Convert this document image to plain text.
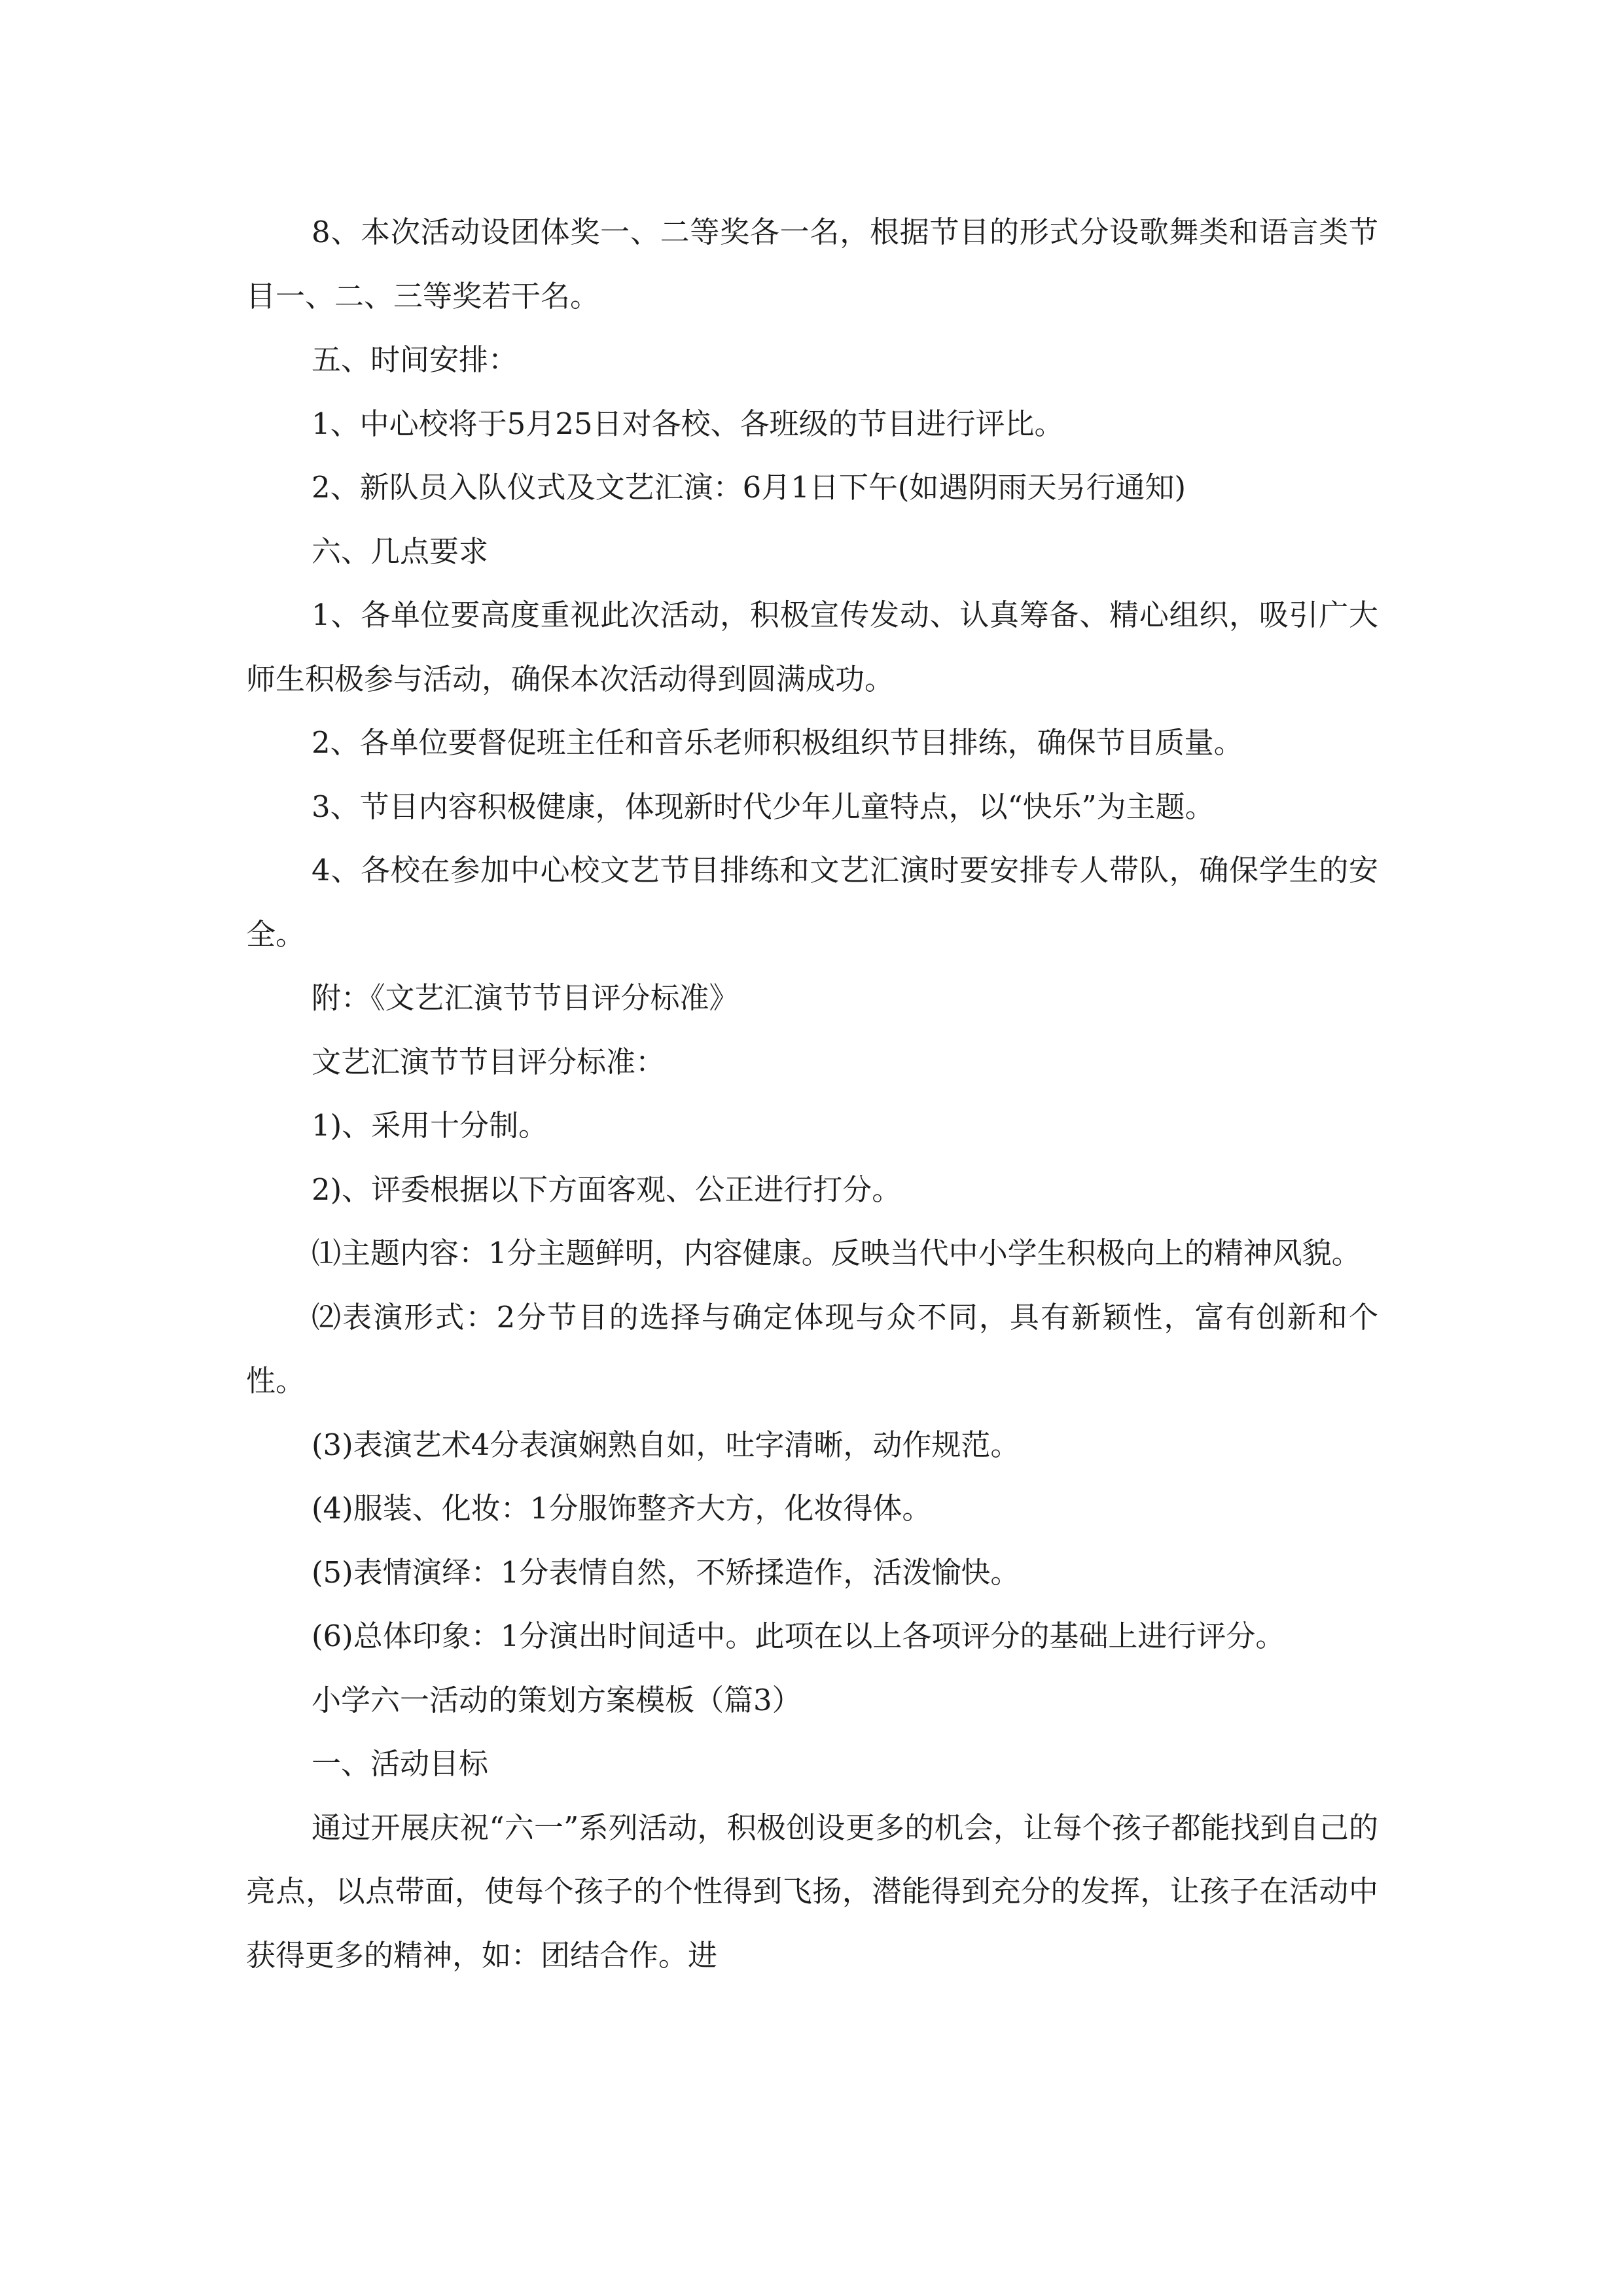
8、本次活动设团体奖一、二等奖各一名，根据节目的形式分设歌舞类和语言类节目一、二、三等奖若干名。

五、时间安排：

1、中心校将于5月25日对各校、各班级的节目进行评比。

2、新队员入队仪式及文艺汇演：6月1日下午(如遇阴雨天另行通知)

六、几点要求

1、各单位要高度重视此次活动，积极宣传发动、认真筹备、精心组织，吸引广大师生积极参与活动，确保本次活动得到圆满成功。

2、各单位要督促班主任和音乐老师积极组织节目排练，确保节目质量。

3、节目内容积极健康，体现新时代少年儿童特点，以“快乐”为主题。

4、各校在参加中心校文艺节目排练和文艺汇演时要安排专人带队，确保学生的安全。

附：《文艺汇演节节目评分标准》

文艺汇演节节目评分标准：

1)、采用十分制。

2)、评委根据以下方面客观、公正进行打分。

⑴主题内容：1分主题鲜明，内容健康。反映当代中小学生积极向上的精神风貌。

⑵表演形式：2分节目的选择与确定体现与众不同，具有新颖性，富有创新和个性。

(3)表演艺术4分表演娴熟自如，吐字清晰，动作规范。

(4)服装、化妆：1分服饰整齐大方，化妆得体。

(5)表情演绎：1分表情自然，不矫揉造作，活泼愉快。

(6)总体印象：1分演出时间适中。此项在以上各项评分的基础上进行评分。

小学六一活动的策划方案模板（篇3）

一、活动目标

通过开展庆祝“六一”系列活动，积极创设更多的机会，让每个孩子都能找到自己的亮点，以点带面，使每个孩子的个性得到飞扬，潜能得到充分的发挥，让孩子在活动中获得更多的精神，如：团结合作。进
